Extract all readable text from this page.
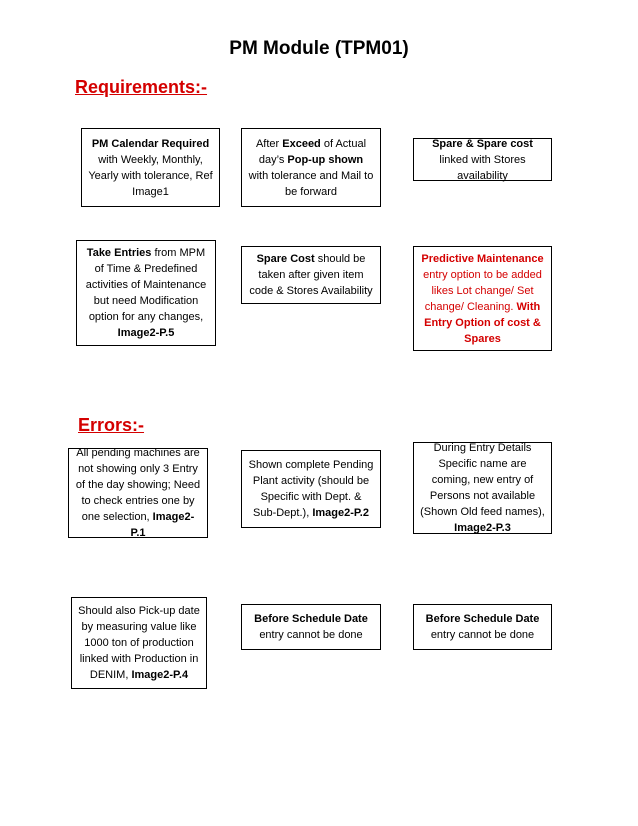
PM Module (TPM01)
Requirements:-

PM Calendar Required with Weekly, Monthly, Yearly with tolerance, Ref Image1

After Exceed of Actual day’s Pop-up shown with tolerance and Mail to be forward

Spare & Spare cost linked with Stores availability

Take Entries from MPM of Time & Predefined activities of Maintenance but need Modification option for any changes, Image2-P.5

Spare Cost should be taken after given item code & Stores Availability

Predictive Maintenance entry option to be added likes Lot change/ Set change/ Cleaning. With Entry Option of cost & Spares

Errors:-

All pending machines are not showing only 3 Entry of the day showing; Need to check entries one by one selection, Image2-P.1

Shown complete Pending Plant activity (should be Specific with Dept. & Sub-Dept.), Image2-P.2

During Entry Details Specific name are coming, new entry of Persons not available (Shown Old feed names), Image2-P.3

Should also Pick-up date by measuring value like 1000 ton of production linked with Production in DENIM, Image2-P.4

Before Schedule Date entry cannot be done

Before Schedule Date entry cannot be done
